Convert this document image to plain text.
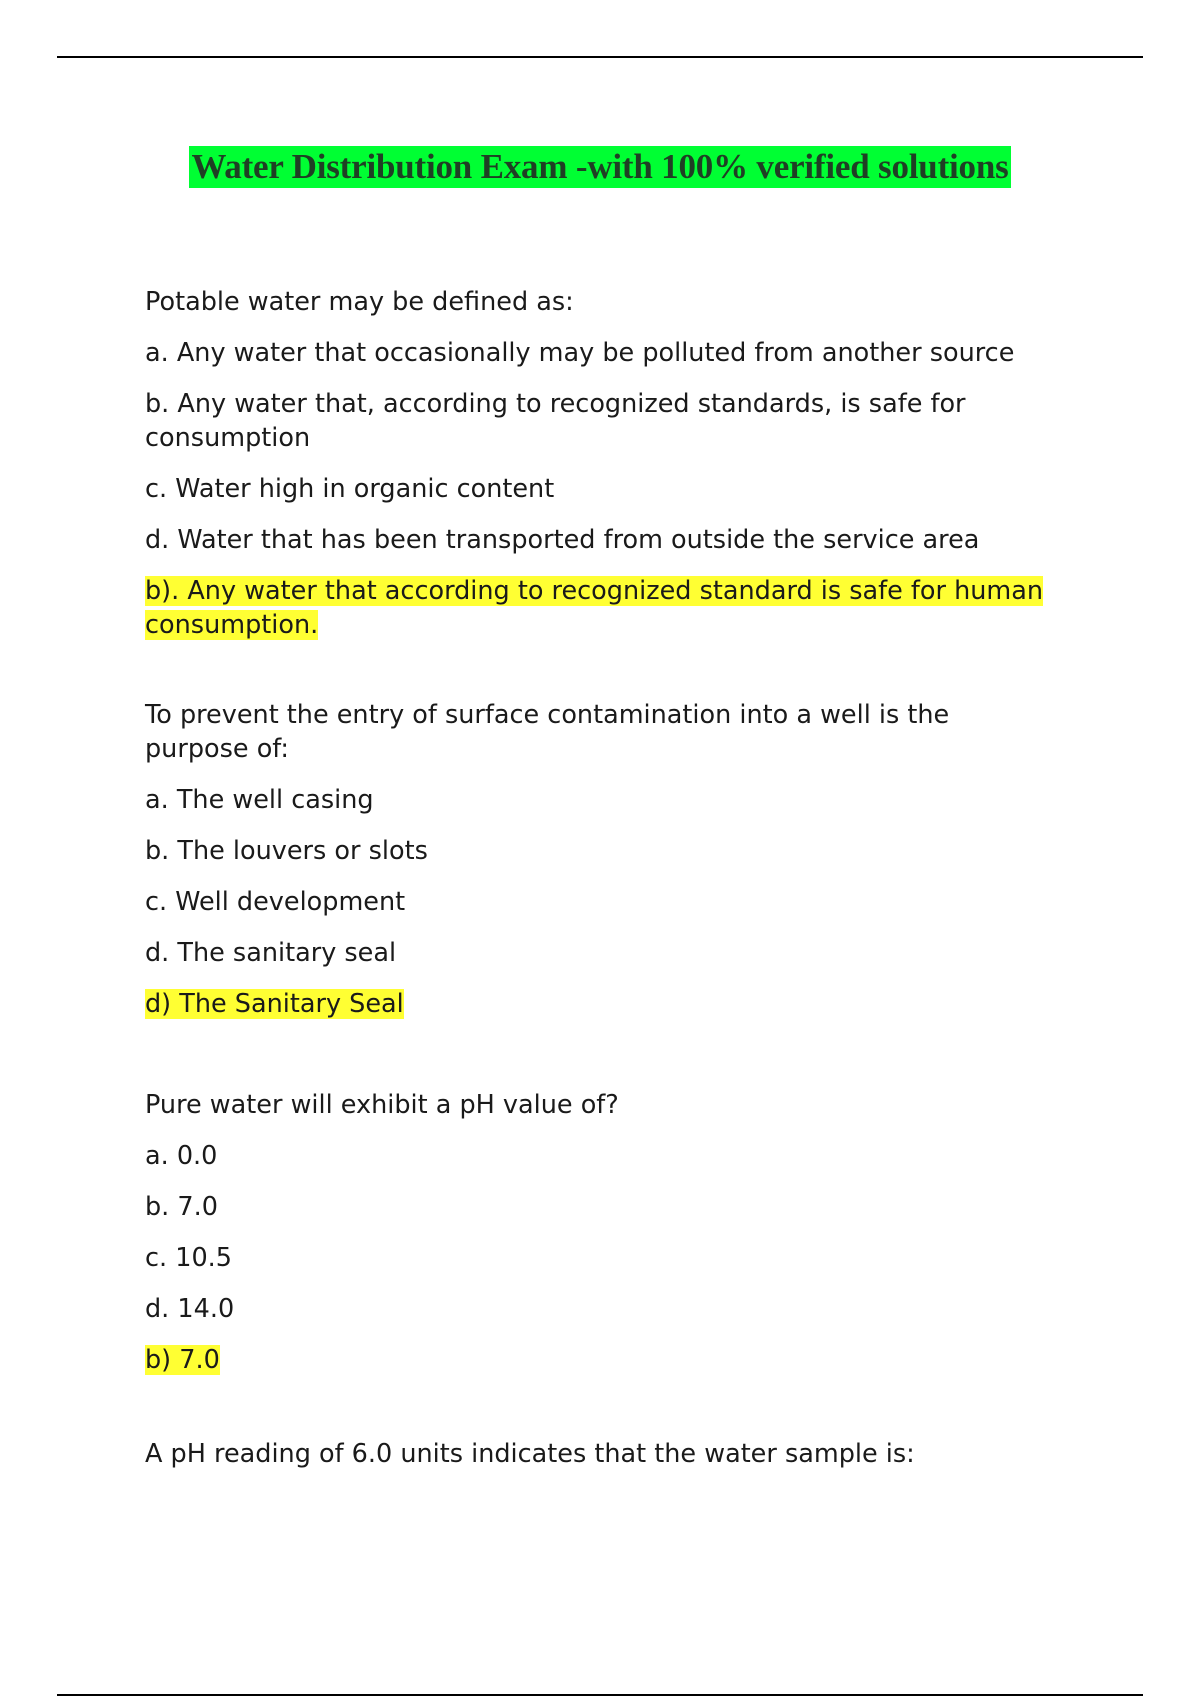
Water Distribution Exam -with 100% verified solutions
Potable water may be defined as:
a. Any water that occasionally may be polluted from another source
b. Any water that, according to recognized standards, is safe for consumption
c. Water high in organic content
d. Water that has been transported from outside the service area
b). Any water that according to recognized standard is safe for human consumption.
To prevent the entry of surface contamination into a well is the purpose of:
a. The well casing
b. The louvers or slots
c. Well development
d. The sanitary seal
d) The Sanitary Seal
Pure water will exhibit a pH value of?
a. 0.0
b. 7.0
c. 10.5
d. 14.0
b) 7.0
A pH reading of 6.0 units indicates that the water sample is:
